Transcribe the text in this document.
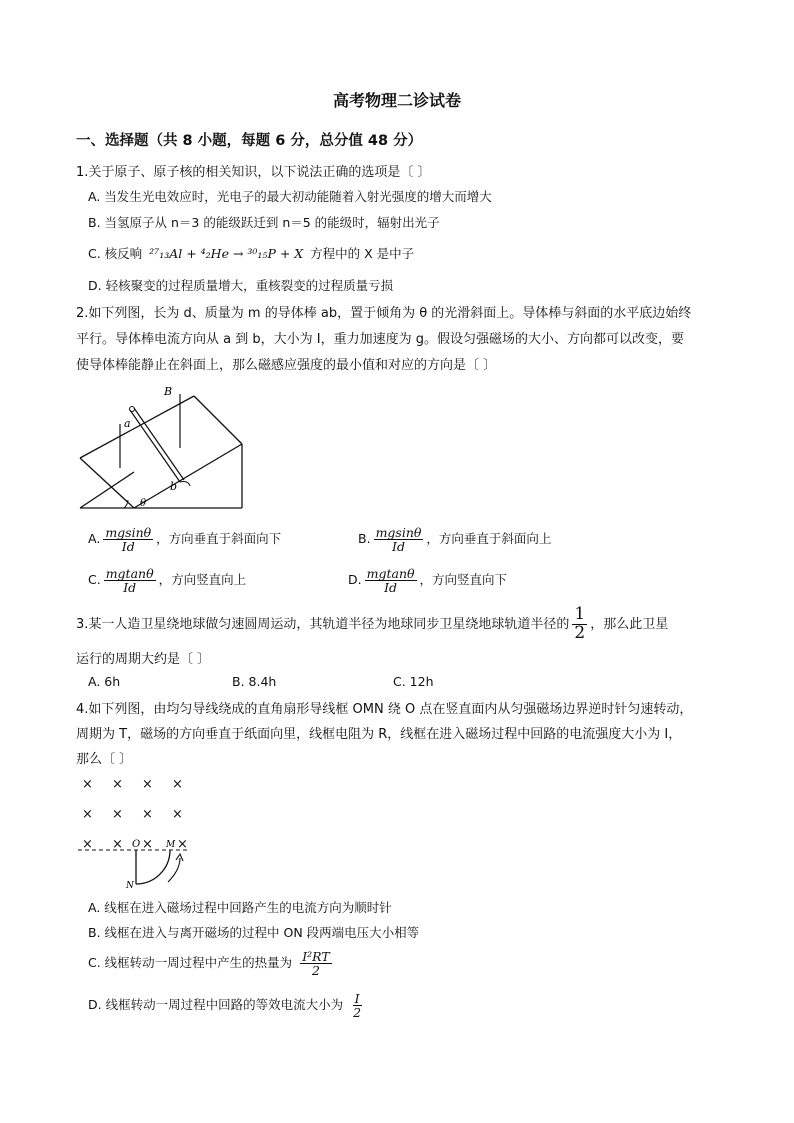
高考物理二诊试卷
一、选择题（共 8 小题，每题 6 分，总分值 48 分）
1.关于原子、原子核的相关知识，以下说法正确的选项是〔 〕
A. 当发生光电效应时，光电子的最大初动能随着入射光强度的增大而增大
B. 当氢原子从 n＝3 的能级跃迁到 n＝5 的能级时，辐射出光子
C. 核反响 ²⁷₁₃Al + ⁴₂He → ³⁰₁₅P + X 方程中的 X 是中子
D. 轻核聚变的过程质量增大，重核裂变的过程质量亏损
2.如下列图，长为 d、质量为 m 的导体棒 ab，置于倾角为 θ 的光滑斜面上。导体棒与斜面的水平底边始终
平行。导体棒电流方向从 a 到 b，大小为 I，重力加速度为 g。假设匀强磁场的大小、方向都可以改变，要
使导体棒能静止在斜面上，那么磁感应强度的最小值和对应的方向是〔 〕
B
a
b
θ
A. $\frac{mgsin\theta}{Id}$ ，方向垂直于斜面向下	B. $\frac{mgsin\theta}{Id}$ ，方向垂直于斜面向上
C. $\frac{mgtan\theta}{Id}$ ，方向竖直向上	D. $\frac{mgtan\theta}{Id}$ ，方向竖直向下
3.某一人造卫星绕地球做匀速圆周运动，其轨道半径为地球同步卫星绕地球轨道半径的 $\frac{1}{2}$ ，那么此卫星
运行的周期大约是〔 〕
A. 6h	B. 8.4h	C. 12h
4.如下列图，由均匀导线绕成的直角扇形导线框 OMN 绕 O 点在竖直面内从匀强磁场边界逆时针匀速转动，
周期为 T，磁场的方向垂直于纸面向里，线框电阻为 R，线框在进入磁场过程中回路的电流强度大小为 I，
那么〔 〕
× × × ×
× × × ×
× × × ×
O	M
N
A. 线框在进入磁场过程中回路产生的电流方向为顺时针
B. 线框在进入与离开磁场的过程中 ON 段两端电压大小相等
C. 线框转动一周过程中产生的热量为 $\frac{\text{I²RT}}{2}$
D. 线框转动一周过程中回路的等效电流大小为 $\frac{I}{2}$
